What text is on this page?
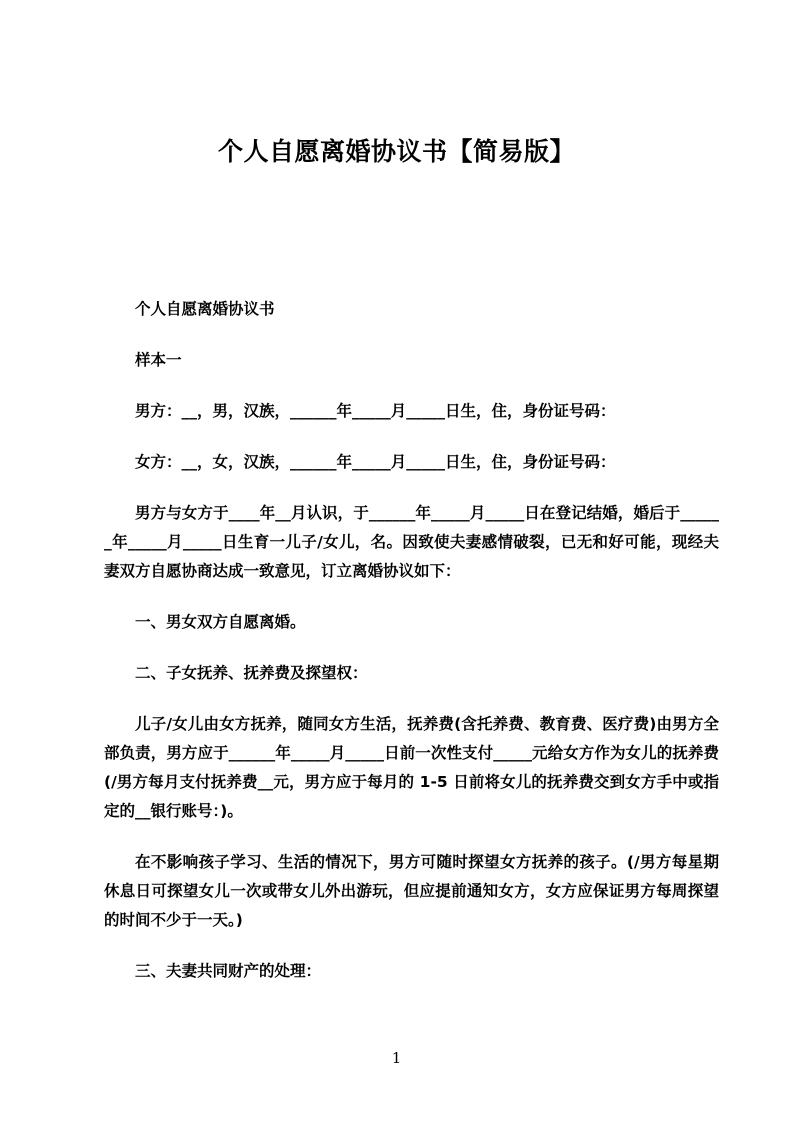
个人自愿离婚协议书【简易版】

个人自愿离婚协议书

样本一

男方：__，男，汉族，______年_____月_____日生，住，身份证号码：

女方：__，女，汉族，______年_____月_____日生，住，身份证号码：

男方与女方于____年__月认识，于______年_____月_____日在登记结婚，婚后于______年_____月_____日生育一儿子/女儿，名。因致使夫妻感情破裂，已无和好可能，现经夫妻双方自愿协商达成一致意见，订立离婚协议如下：

一、男女双方自愿离婚。

二、子女抚养、抚养费及探望权：

儿子/女儿由女方抚养，随同女方生活，抚养费(含托养费、教育费、医疗费)由男方全部负责，男方应于______年_____月_____日前一次性支付_____元给女方作为女儿的抚养费(/男方每月支付抚养费__元，男方应于每月的 1-5 日前将女儿的抚养费交到女方手中或指定的__银行账号：)。

在不影响孩子学习、生活的情况下，男方可随时探望女方抚养的孩子。(/男方每星期休息日可探望女儿一次或带女儿外出游玩，但应提前通知女方，女方应保证男方每周探望的时间不少于一天。)

三、夫妻共同财产的处理：

1
